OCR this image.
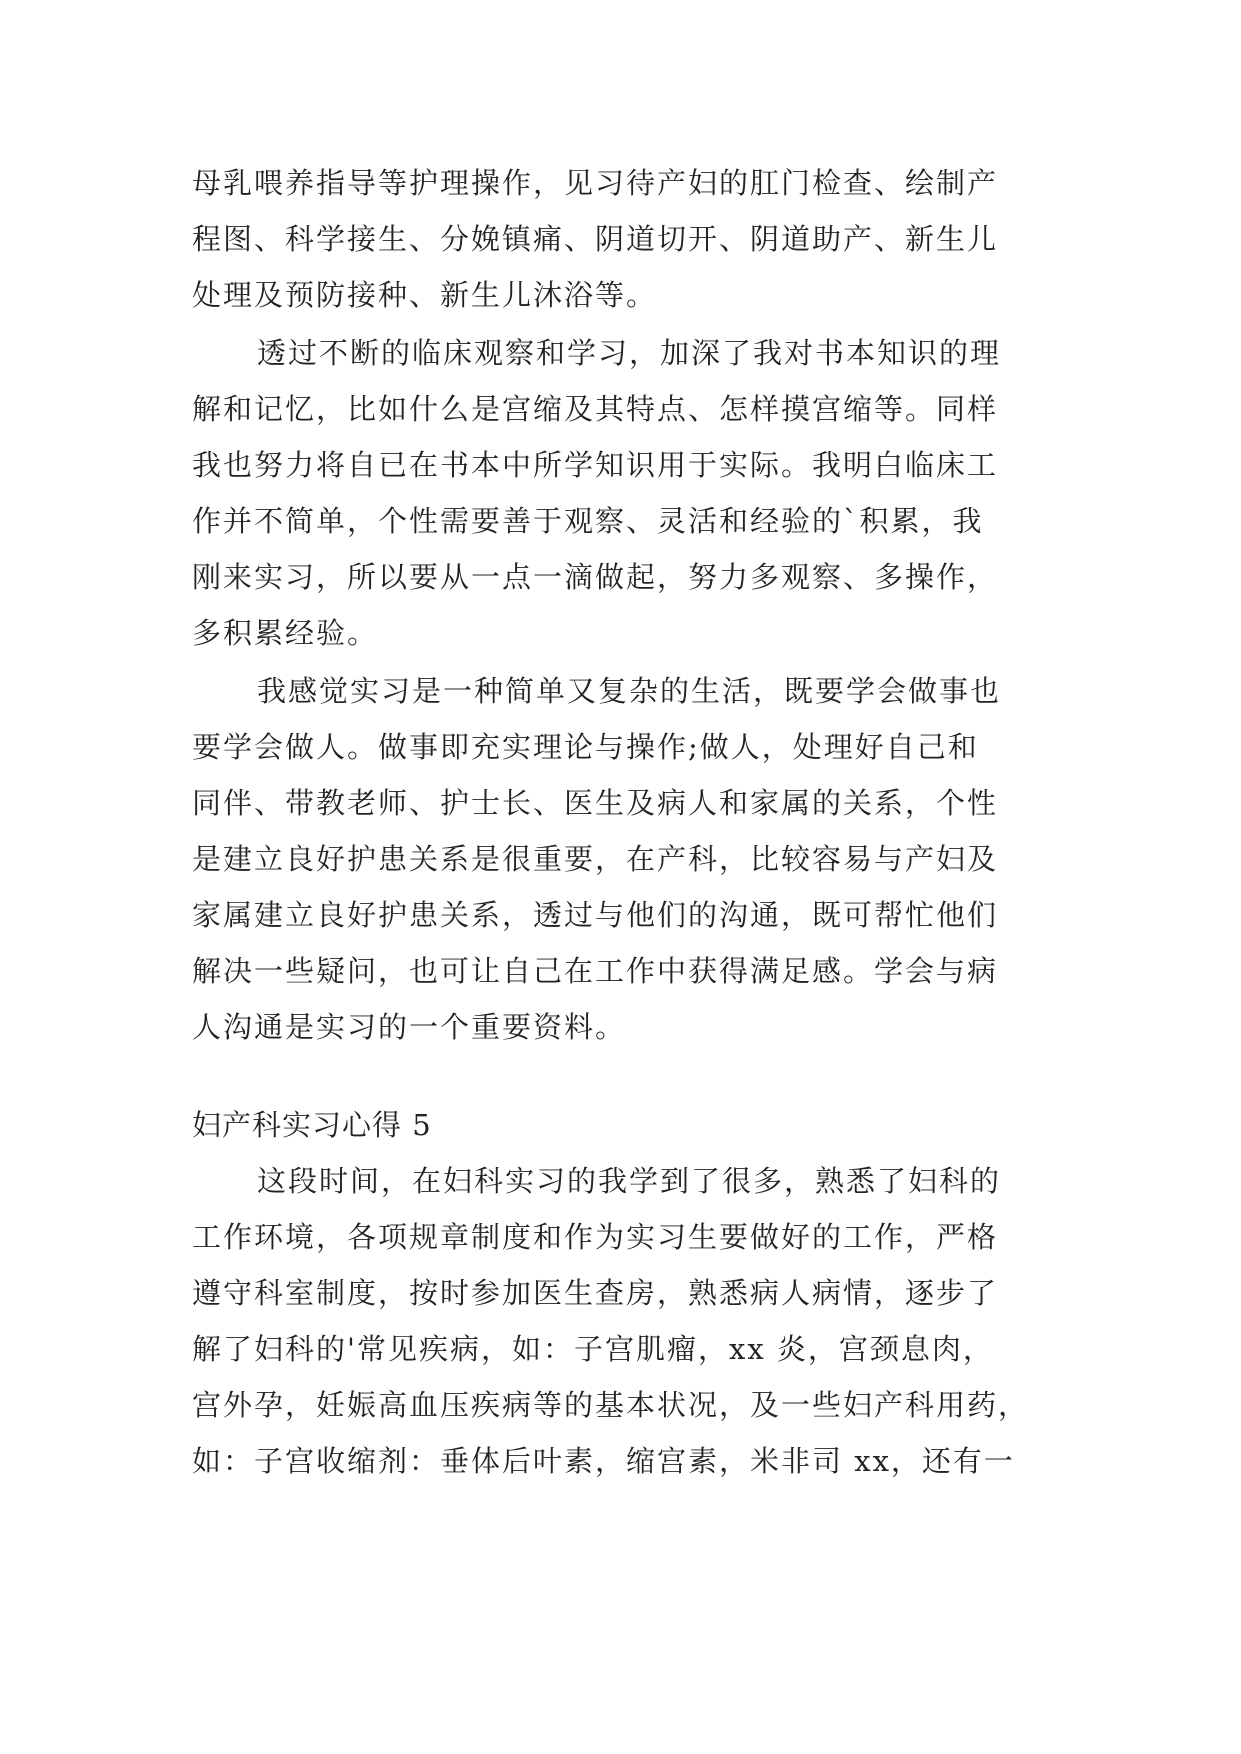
母乳喂养指导等护理操作，见习待产妇的肛门检查、绘制产
程图、科学接生、分娩镇痛、阴道切开、阴道助产、新生儿
处理及预防接种、新生儿沐浴等。
透过不断的临床观察和学习，加深了我对书本知识的理
解和记忆，比如什么是宫缩及其特点、怎样摸宫缩等。同样
我也努力将自已在书本中所学知识用于实际。我明白临床工
作并不简单，个性需要善于观察、灵活和经验的`积累，我
刚来实习，所以要从一点一滴做起，努力多观察、多操作，
多积累经验。
我感觉实习是一种简单又复杂的生活，既要学会做事也
要学会做人。做事即充实理论与操作;做人，处理好自己和
同伴、带教老师、护士长、医生及病人和家属的关系，个性
是建立良好护患关系是很重要，在产科，比较容易与产妇及
家属建立良好护患关系，透过与他们的沟通，既可帮忙他们
解决一些疑问，也可让自己在工作中获得满足感。学会与病
人沟通是实习的一个重要资料。
妇产科实习心得 5
这段时间，在妇科实习的我学到了很多，熟悉了妇科的
工作环境，各项规章制度和作为实习生要做好的工作，严格
遵守科室制度，按时参加医生查房，熟悉病人病情，逐步了
解了妇科的'常见疾病，如：子宫肌瘤，xx 炎，宫颈息肉，
宫外孕，妊娠高血压疾病等的基本状况，及一些妇产科用药，
如：子宫收缩剂：垂体后叶素，缩宫素，米非司 xx，还有一
